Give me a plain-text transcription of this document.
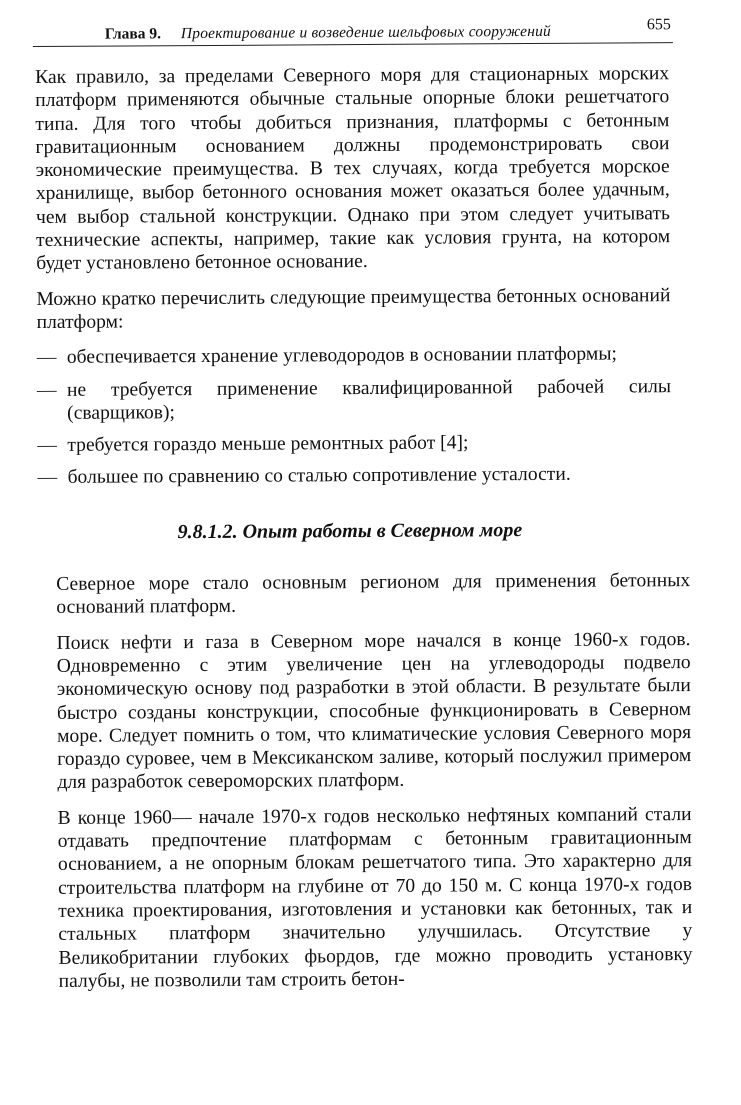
Глава 9. Проектирование и возведение шельфовых сооружений	655

Как правило, за пределами Северного моря для стационарных морских платформ применяются обычные стальные опорные блоки решетчатого типа. Для того чтобы добиться признания, платформы с бетонным гравитационным основанием должны продемонстрировать свои экономические преимущества. В тех случаях, когда требуется морское хранилище, выбор бетонного основания может оказаться более удачным, чем выбор стальной конструкции. Однако при этом следует учитывать технические аспекты, например, такие как условия грунта, на котором будет установлено бетонное основание.

Можно кратко перечислить следующие преимущества бетонных оснований платформ:

— обеспечивается хранение углеводородов в основании платформы;
— не требуется применение квалифицированной рабочей силы (сварщиков);
— требуется гораздо меньше ремонтных работ [4];
— большее по сравнению со сталью сопротивление усталости.
9.8.1.2. Опыт работы в Северном море

Северное море стало основным регионом для применения бетонных оснований платформ.

Поиск нефти и газа в Северном море начался в конце 1960-х годов. Одновременно с этим увеличение цен на углеводороды подвело экономическую основу под разработки в этой области. В результате были быстро созданы конструкции, способные функционировать в Северном море. Следует помнить о том, что климатические условия Северного моря гораздо суровее, чем в Мексиканском заливе, который послужил примером для разработок североморских платформ.

В конце 1960— начале 1970-х годов несколько нефтяных компаний стали отдавать предпочтение платформам с бетонным гравитационным основанием, а не опорным блокам решетчатого типа. Это характерно для строительства платформ на глубине от 70 до 150 м. С конца 1970-х годов техника проектирования, изготовления и установки как бетонных, так и стальных платформ значительно улучшилась. Отсутствие у Великобритании глубоких фьордов, где можно проводить установку палубы, не позволили там строить бетон-
